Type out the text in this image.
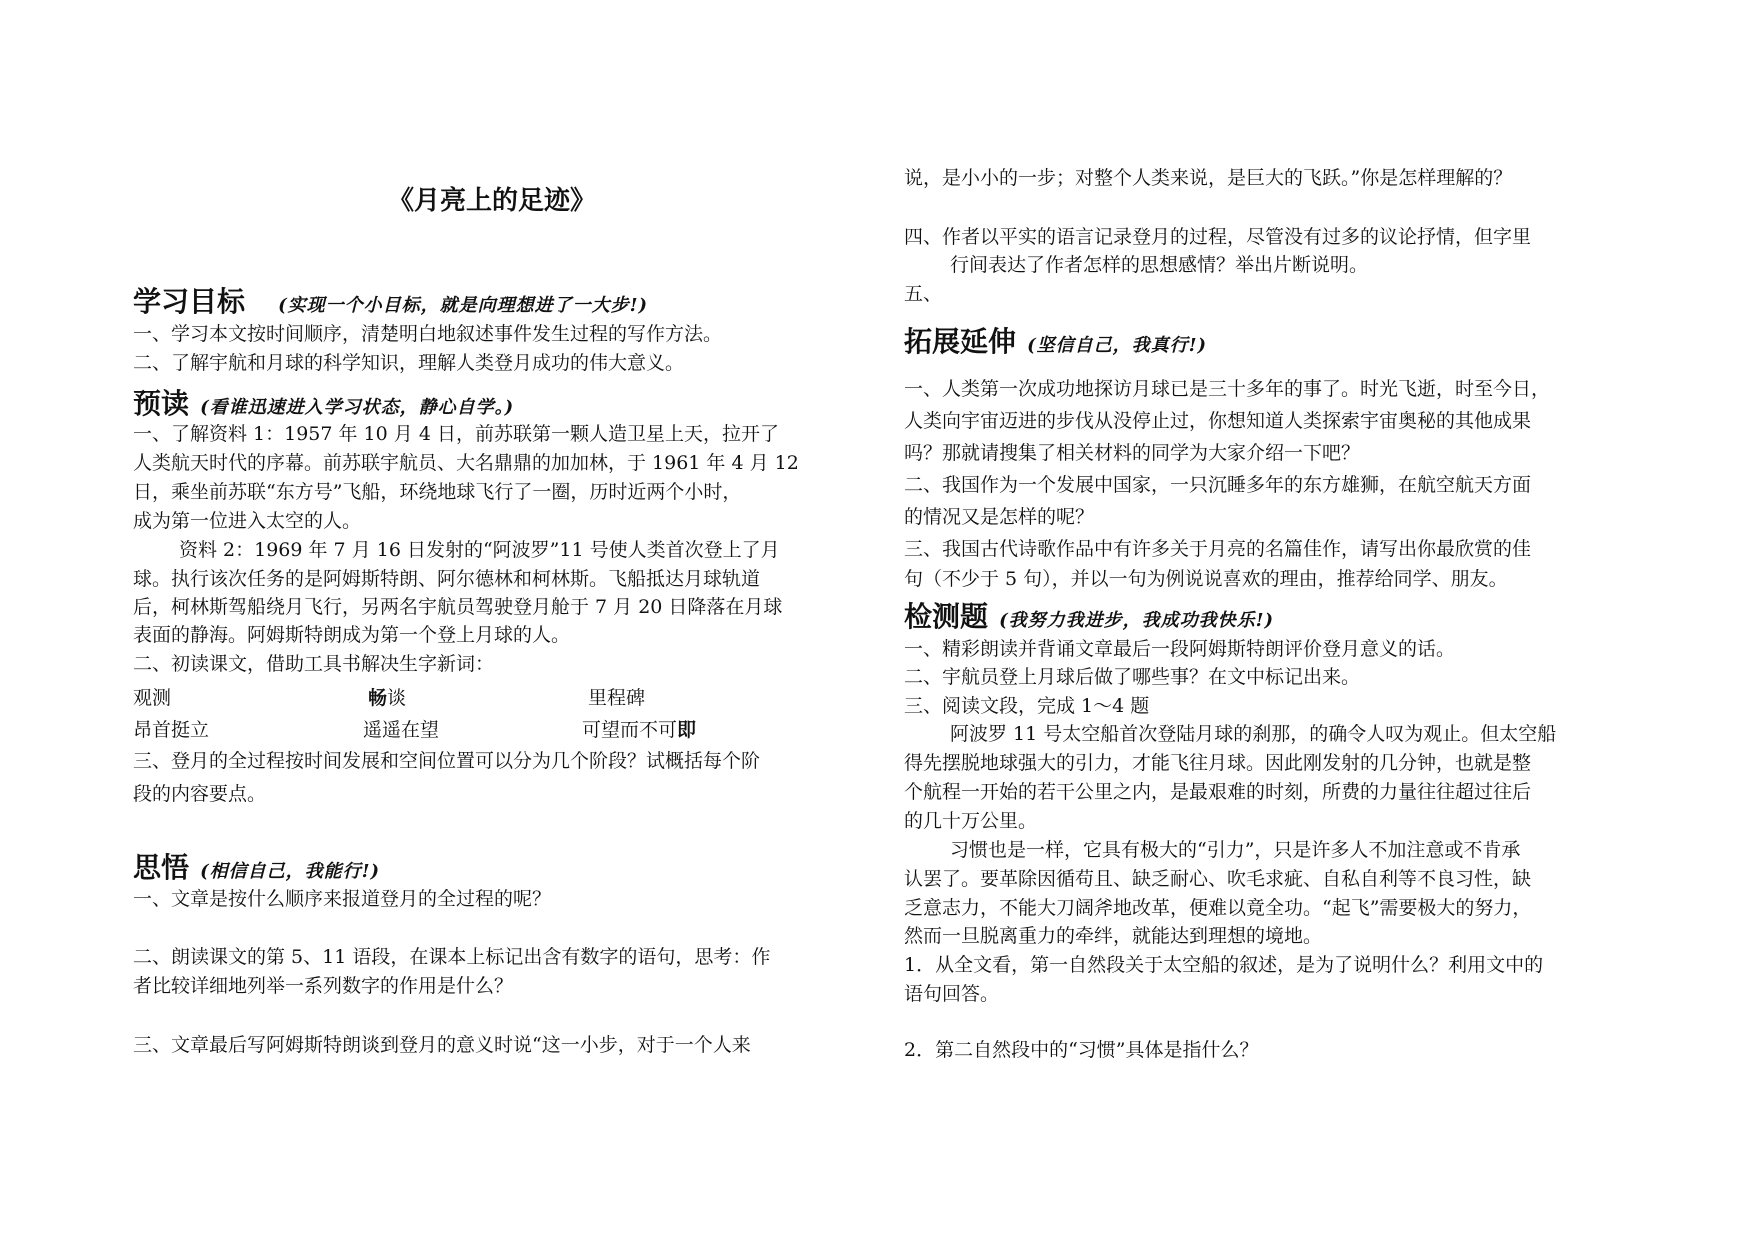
《月亮上的足迹》
学习目标 (实现一个小目标，就是向理想进了一大步!)
一、学习本文按时间顺序，清楚明白地叙述事件发生过程的写作方法。
二、了解宇航和月球的科学知识，理解人类登月成功的伟大意义。
预读 (看谁迅速进入学习状态，静心自学。)
一、了解资料 1：1957 年 10 月 4 日，前苏联第一颗人造卫星上天，拉开了
人类航天时代的序幕。前苏联宇航员、大名鼎鼎的加加林，于 1961 年 4 月 12
日，乘坐前苏联“东方号”飞船，环绕地球飞行了一圈，历时近两个小时，
成为第一位进入太空的人。
资料 2：1969 年 7 月 16 日发射的“阿波罗”11 号使人类首次登上了月
球。执行该次任务的是阿姆斯特朗、阿尔德林和柯林斯。飞船抵达月球轨道
后，柯林斯驾船绕月飞行，另两名宇航员驾驶登月舱于 7 月 20 日降落在月球
表面的静海。阿姆斯特朗成为第一个登上月球的人。
二、初读课文，借助工具书解决生字新词：
观测	畅谈	里程碑
昂首挺立	遥遥在望	可望而不可即
三、登月的全过程按时间发展和空间位置可以分为几个阶段？试概括每个阶
段的内容要点。
思悟 (相信自己，我能行!)
一、文章是按什么顺序来报道登月的全过程的呢？
二、朗读课文的第 5、11 语段，在课本上标记出含有数字的语句，思考：作
者比较详细地列举一系列数字的作用是什么？
三、文章最后写阿姆斯特朗谈到登月的意义时说“这一小步，对于一个人来
说，是小小的一步；对整个人类来说，是巨大的飞跃。”你是怎样理解的？
四、作者以平实的语言记录登月的过程，尽管没有过多的议论抒情，但字里
行间表达了作者怎样的思想感情？举出片断说明。
五、
拓展延伸 (坚信自己，我真行!)
一、人类第一次成功地探访月球已是三十多年的事了。时光飞逝，时至今日，
人类向宇宙迈进的步伐从没停止过，你想知道人类探索宇宙奥秘的其他成果
吗？那就请搜集了相关材料的同学为大家介绍一下吧？
二、我国作为一个发展中国家，一只沉睡多年的东方雄狮，在航空航天方面
的情况又是怎样的呢？
三、我国古代诗歌作品中有许多关于月亮的名篇佳作，请写出你最欣赏的佳
句（不少于 5 句），并以一句为例说说喜欢的理由，推荐给同学、朋友。
检测题 (我努力我进步，我成功我快乐!)
一、精彩朗读并背诵文章最后一段阿姆斯特朗评价登月意义的话。
二、宇航员登上月球后做了哪些事？在文中标记出来。
三、阅读文段，完成 1～4 题
阿波罗 11 号太空船首次登陆月球的刹那，的确令人叹为观止。但太空船
得先摆脱地球强大的引力，才能飞往月球。因此刚发射的几分钟，也就是整
个航程一开始的若干公里之内，是最艰难的时刻，所费的力量往往超过往后
的几十万公里。
习惯也是一样，它具有极大的“引力”，只是许多人不加注意或不肯承
认罢了。要革除因循苟且、缺乏耐心、吹毛求疵、自私自利等不良习性，缺
乏意志力，不能大刀阔斧地改革，便难以竟全功。“起飞”需要极大的努力，
然而一旦脱离重力的牵绊，就能达到理想的境地。
1．从全文看，第一自然段关于太空船的叙述，是为了说明什么？利用文中的
语句回答。
2．第二自然段中的“习惯”具体是指什么？
